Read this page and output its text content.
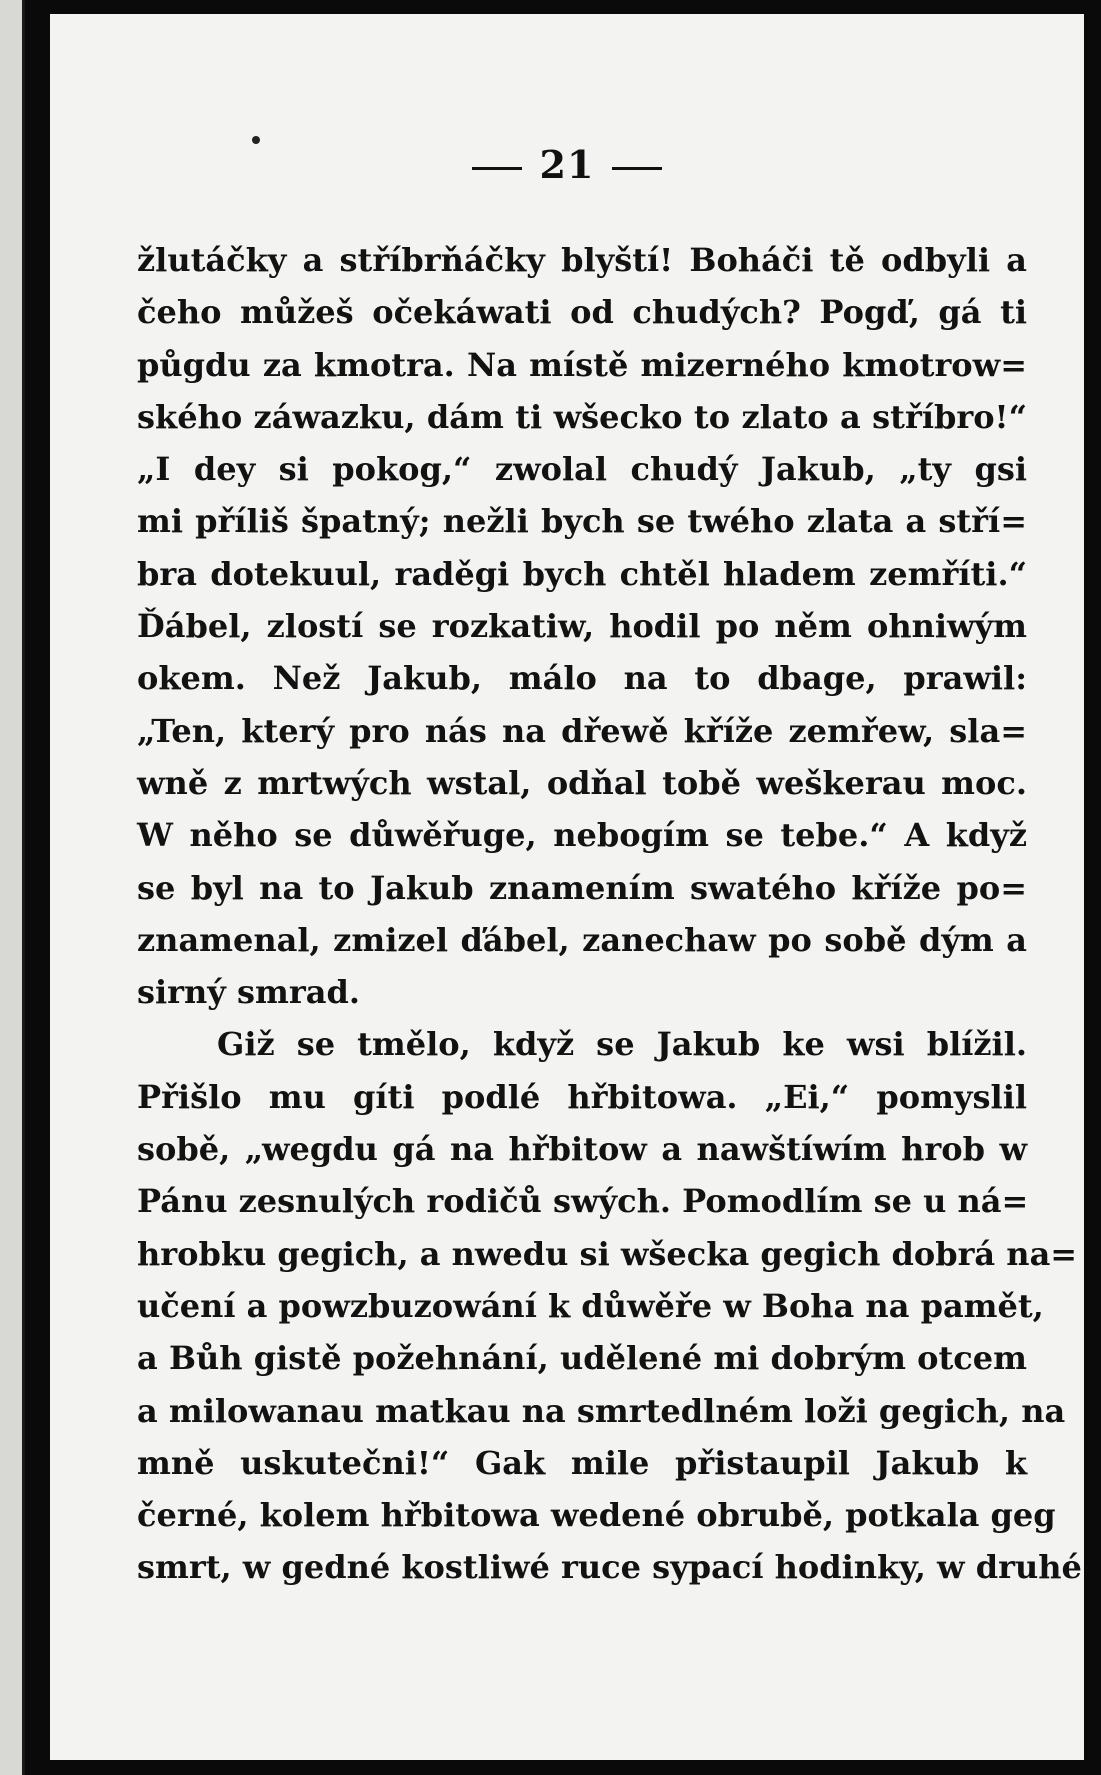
21
žlutáčky a stříbrňáčky blyští! Boháči tě odbyli a
čeho můžeš očekáwati od chudých? Pogď, gá ti
půgdu za kmotra. Na místě mizerného kmotrow=
ského záwazku, dám ti wšecko to zlato a stříbro!“
„I dey si pokog,“ zwolal chudý Jakub, „ty gsi
mi příliš špatný; nežli bych se twého zlata a stří=
bra dotekuul, raděgi bych chtěl hladem zemříti.“
Ďábel, zlostí se rozkatiw, hodil po něm ohniwým
okem. Než Jakub, málo na to dbage, prawil:
„Ten, který pro nás na dřewě kříže zemřew, sla=
wně z mrtwých wstal, odňal tobě weškerau moc.
W něho se důwěřuge, nebogím se tebe.“ A když
se byl na to Jakub znamením swatého kříže po=
znamenal, zmizel ďábel, zanechaw po sobě dým a
sirný smrad.
Giž se tmělo, když se Jakub ke wsi blížil.
Přišlo mu gíti podlé hřbitowa. „Ei,“ pomyslil
sobě, „wegdu gá na hřbitow a nawštíwím hrob w
Pánu zesnulých rodičů swých. Pomodlím se u ná=
hrobku gegich, a nwedu si wšecka gegich dobrá na=
učení a powzbuzowání k důwěře w Boha na pamět,
a Bůh gistě požehnání, udělené mi dobrým otcem
a milowanau matkau na smrtedlném loži gegich, na
mně uskutečni!“ Gak mile přistaupil Jakub k
černé, kolem hřbitowa wedené obrubě, potkala geg
smrt, w gedné kostliwé ruce sypací hodinky, w druhé
